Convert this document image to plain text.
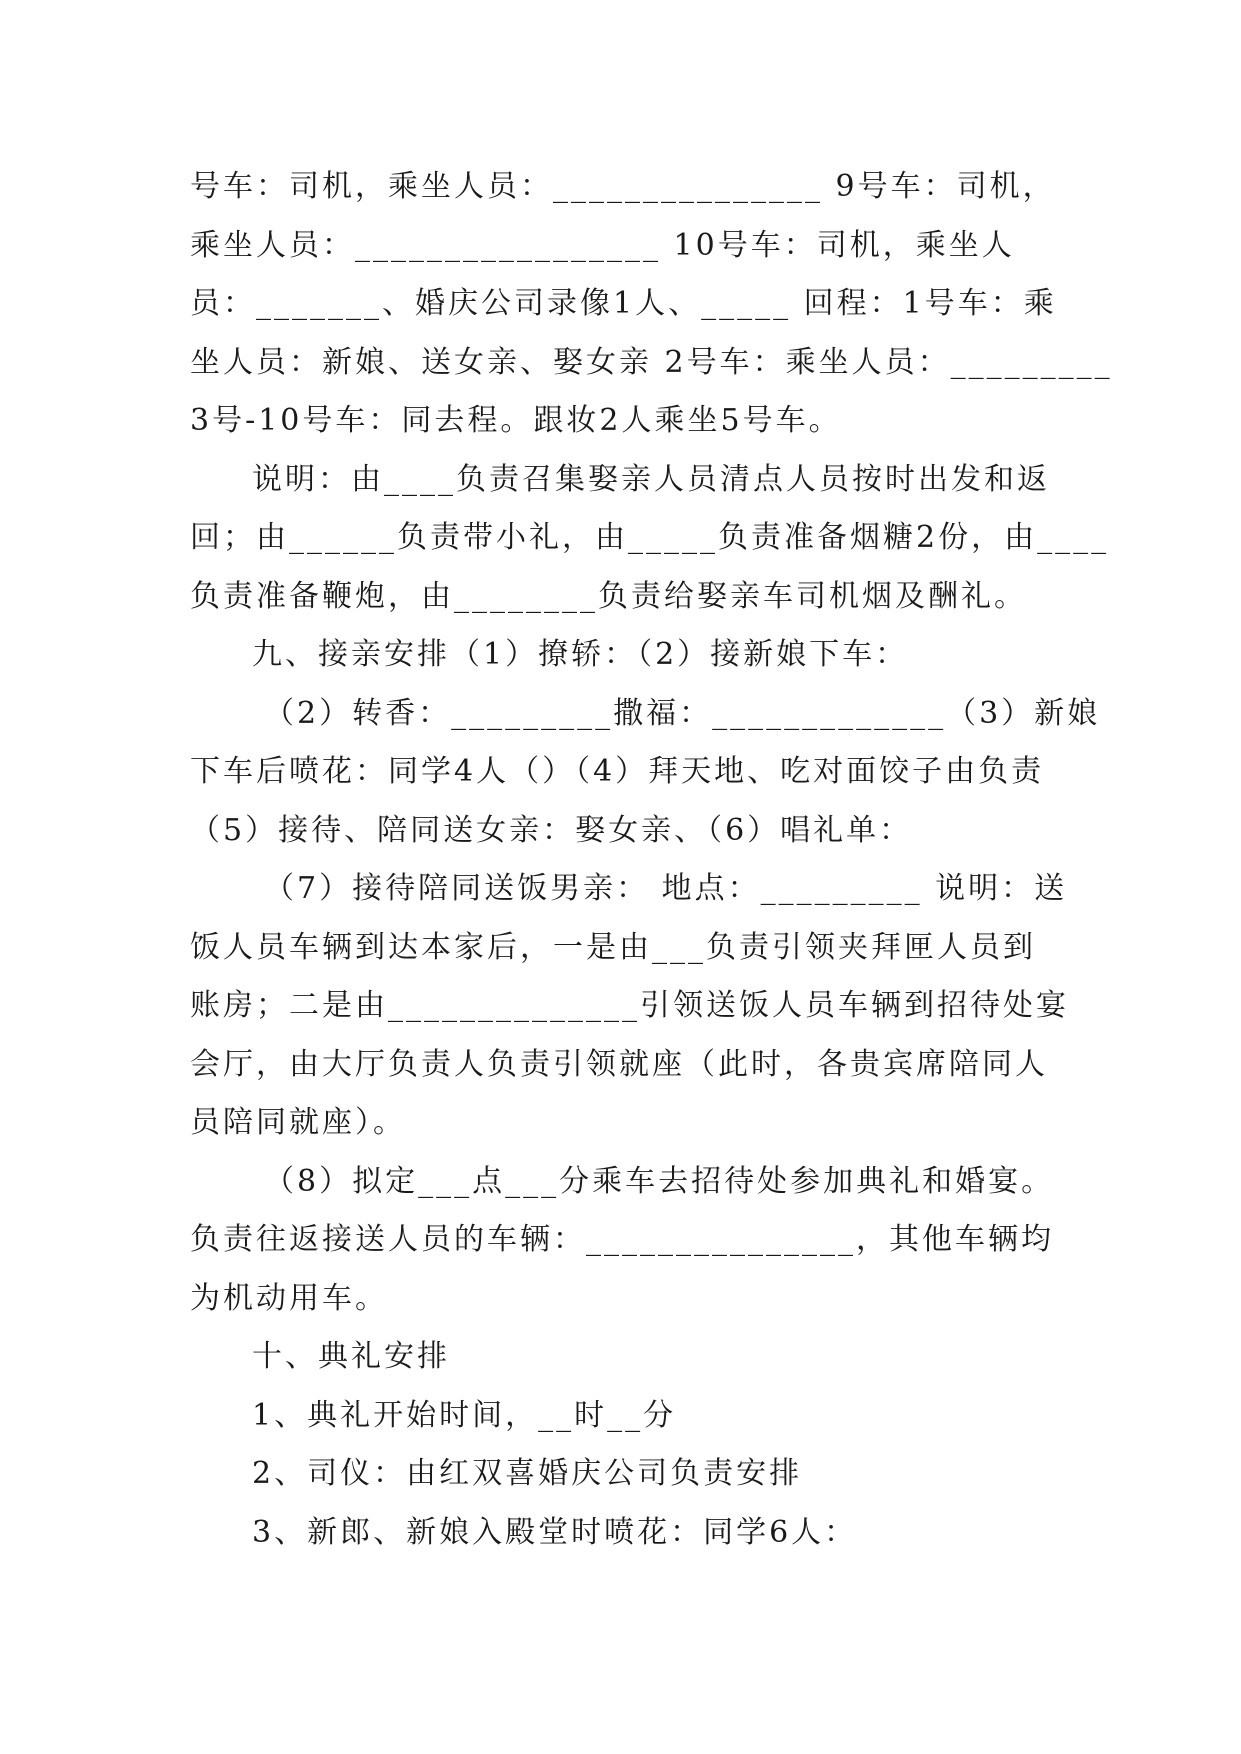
号车：司机，乘坐人员：_______________ 9号车：司机，
乘坐人员：_________________ 10号车：司机，乘坐人
员：_______、婚庆公司录像1人、_____ 回程：1号车：乘
坐人员：新娘、送女亲、娶女亲 2号车：乘坐人员：_________
3号-10号车：同去程。跟妆2人乘坐5号车。
说明：由____负责召集娶亲人员清点人员按时出发和返
回；由______负责带小礼，由_____负责准备烟糖2份，由____
负责准备鞭炮，由________负责给娶亲车司机烟及酬礼。
九、接亲安排（1）撩轿：（2）接新娘下车：
（2）转香：_________撒福：_____________（3）新娘
下车后喷花：同学4人（）（4）拜天地、吃对面饺子由负责
（5）接待、陪同送女亲：娶女亲、（6）唱礼单：
（7）接待陪同送饭男亲： 地点：_________ 说明：送
饭人员车辆到达本家后，一是由___负责引领夹拜匣人员到
账房；二是由______________引领送饭人员车辆到招待处宴
会厅，由大厅负责人负责引领就座（此时，各贵宾席陪同人
员陪同就座）。
（8）拟定___点___分乘车去招待处参加典礼和婚宴。
负责往返接送人员的车辆：_______________，其他车辆均
为机动用车。
十、典礼安排
1、典礼开始时间，__时__分
2、司仪：由红双喜婚庆公司负责安排
3、新郎、新娘入殿堂时喷花：同学6人：
